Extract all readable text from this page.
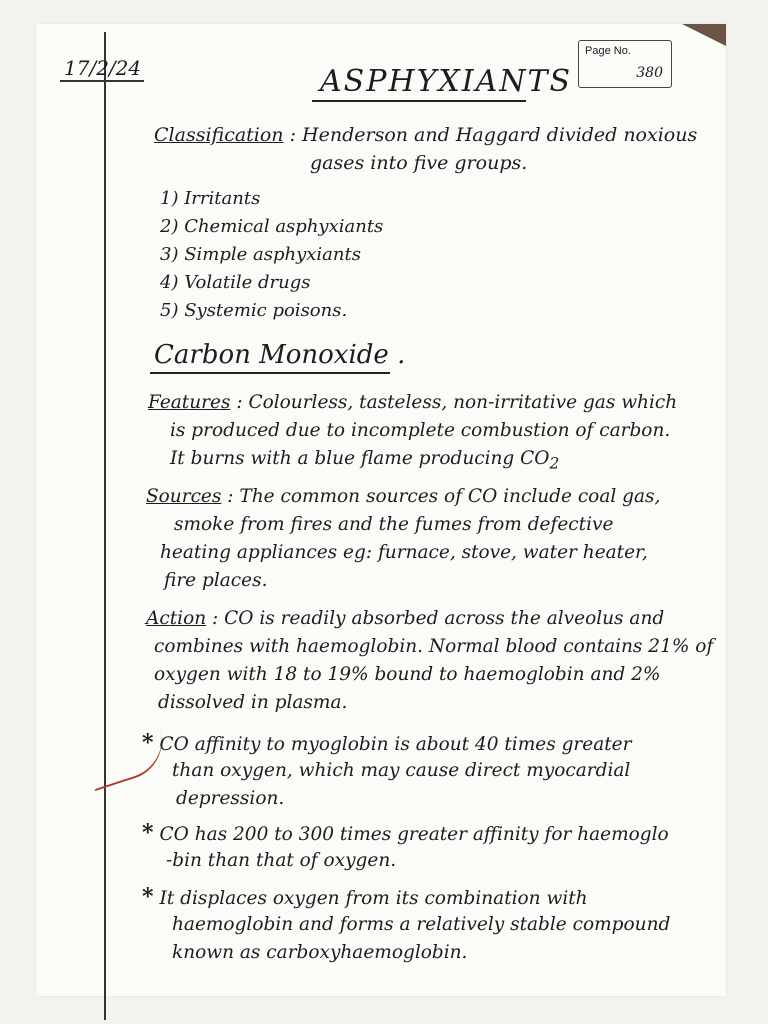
17/2/24
Page No.
380
ASPHYXIANTS
Classification : Henderson and Haggard divided noxious
gases into five groups.
1) Irritants
2) Chemical asphyxiants
3) Simple asphyxiants
4) Volatile drugs
5) Systemic poisons.
Carbon Monoxide .
Features : Colourless, tasteless, non-irritative gas which
is produced due to incomplete combustion of carbon.
It burns with a blue flame producing $CO_2$
Sources : The common sources of CO include coal gas,
smoke from fires and the fumes from defective
heating appliances eg: furnace, stove, water heater,
fire places.
Action : CO is readily absorbed across the alveolus and
combines with haemoglobin. Normal blood contains 21% of
oxygen with 18 to 19% bound to haemoglobin and 2%
dissolved in plasma.
* CO affinity to myoglobin is about 40 times greater
than oxygen, which may cause direct myocardial
depression.
* CO has 200 to 300 times greater affinity for haemoglo
-bin than that of oxygen.
* It displaces oxygen from its combination with
haemoglobin and forms a relatively stable compound
known as carboxyhaemoglobin.
